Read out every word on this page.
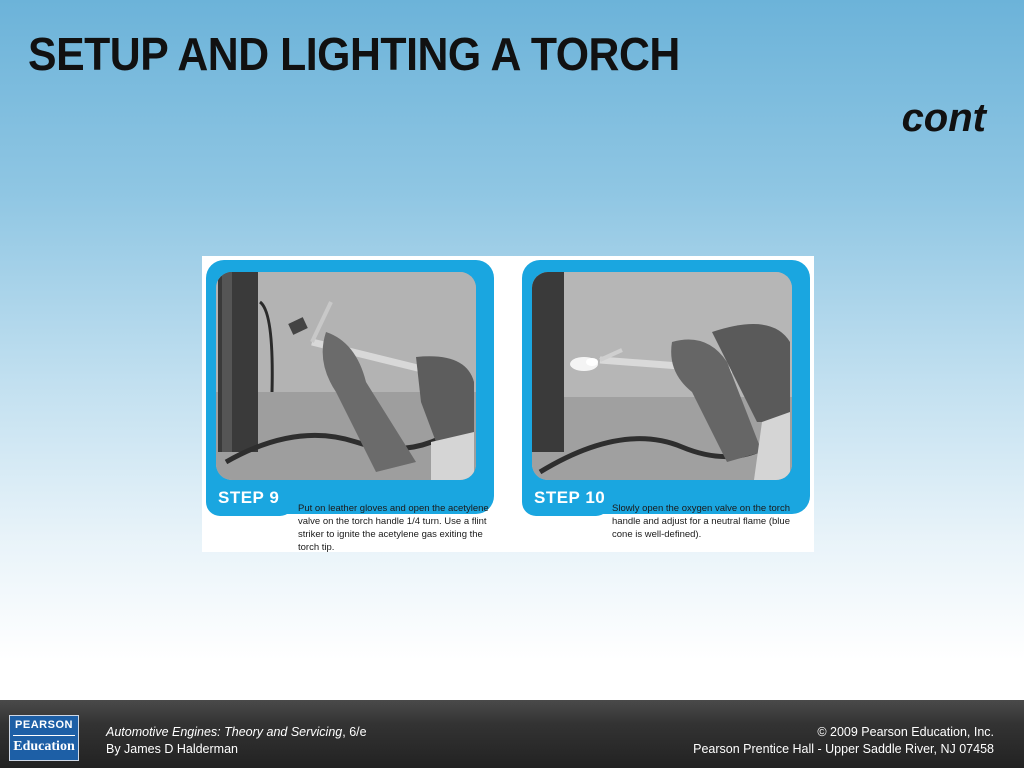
SETUP AND LIGHTING A TORCH
cont
STEP 9
Put on leather gloves and open the acetylene valve on the torch handle 1/4 turn. Use a flint striker to ignite the acetylene gas exiting the torch tip.
STEP 10
Slowly open the oxygen valve on the torch handle and adjust for a neutral flame (blue cone is well-defined).
PEARSON
Education
Automotive Engines: Theory and Servicing, 6/e
By James D Halderman
© 2009 Pearson Education, Inc.
Pearson Prentice Hall - Upper Saddle River, NJ 07458
